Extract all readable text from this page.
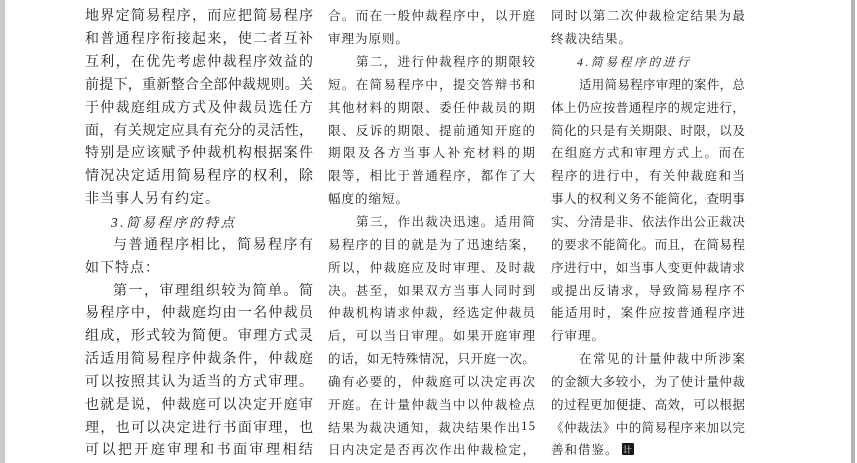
地 界 定 简 易 程 序 ， 而 应 把 简 易 程 序
和 普 通 程 序 衔 接 起 来 ， 使 二 者 互 补
互 利 ， 在 优 先 考 虑 仲 裁 程 序 效 益 的
前 提 下 ， 重 新 整 合 全 部 仲 裁 规 则 。 关
于 仲 裁 庭 组 成 方 式 及 仲 裁 员 选 任 方
面 ， 有 关 规 定 应 具 有 充 分 的 灵 活 性 ，
特 别 是 应 该 赋 予 仲 裁 机 构 根 据 案 件
情 况 决 定 适 用 简 易 程 序 的 权 利 ， 除
非当事人另有约定。
3.简易程序的特点
与 普 通 程 序 相 比 ， 简 易 程 序 有
如下特点：
第 一 ， 审 理 组 织 较 为 简 单 。 简
易 程 序 中 ， 仲 裁 庭 均 由 一 名 仲 裁 员
组 成 ， 形 式 较 为 简 便 。 审 理 方 式 灵
活 适 用 简 易 程 序 仲 裁 条 件 ， 仲 裁 庭
可 以 按 照 其 认 为 适 当 的 方 式 审 理 。
也 就 是 说 ， 仲 裁 庭 可 以 决 定 开 庭 审
理 ， 也 可 以 决 定 进 行 书 面 审 理 ， 也
可 以 把 开 庭 审 理 和 书 面 审 理 相 结
合 。 而 在 一 般 仲 裁 程 序 中 ， 以 开 庭
审理为原则。
第 二 ， 进 行 仲 裁 程 序 的 期 限 较
短 。 在 简 易 程 序 中 ， 提 交 答 辩 书 和
其 他 材 料 的 期 限 、 委 任 仲 裁 员 的 期
限 、 反 诉 的 期 限 、 提 前 通 知 开 庭 的
期 限 及 各 方 当 事 人 补 充 材 料 的 期
限 等 ， 相 比 于 普 通 程 序 ， 都 作 了 大
幅度的缩短。
第 三 ， 作 出 裁 决 迅 速 。 适 用 简
易 程 序 的 目 的 就 是 为 了 迅 速 结 案 ，
所 以 ， 仲 裁 庭 应 及 时 审 理 、 及 时 裁
决 。 甚 至 ， 如 果 双 方 当 事 人 同 时 到
仲 裁 机 构 请 求 仲 裁 ， 经 选 定 仲 裁 员
后 ， 可 以 当 日 审 理 。 如 果 开 庭 审 理
的 话 ， 如 无 特 殊 情 况 ， 只 开 庭 一 次 。
确 有 必 要 的 ， 仲 裁 庭 可 以 决 定 再 次
开 庭 。 在 计 量 仲 裁 当 中 以 仲 裁 检 点
结 果 为 裁 决 通 知 ， 裁 决 结 果 作 出 1 5
日 内 决 定 是 否 再 次 作 出 仲 裁 检 定 ，
同 时 以 第 二 次 仲 裁 检 定 结 果 为 最
终裁决结果。
4.简易程序的进行
适 用 简 易 程 序 审 理 的 案 件 ， 总
体 上 仍 应 按 普 通 程 序 的 规 定 进 行 ，
简 化 的 只 是 有 关 期 限 、 时 限 ， 以 及
在 组 庭 方 式 和 审 理 方 式 上 。 而 在
程 序 的 进 行 中 ， 有 关 仲 裁 庭 和 当
事 人 的 权 利 义 务 不 能 简 化 ， 查 明 事
实 、 分 清 是 非 、 依 法 作 出 公 正 裁 决
的 要 求 不 能 简 化 。 而 且 ， 在 简 易 程
序 进 行 中 ， 如 当 事 人 变 更 仲 裁 请 求
或 提 出 反 请 求 ， 导 致 简 易 程 序 不
能 适 用 时 ， 案 件 应 按 普 通 程 序 进
行审理。
在 常 见 的 计 量 仲 裁 中 所 涉 案
的 金 额 大 多 较 小 ， 为 了 使 计 量 仲 裁
的 过 程 更 加 便 捷 、 高 效 ， 可 以 根 据
《 仲 裁 法 》 中 的 简 易 程 序 来 加 以 完
善和借鉴。 计
